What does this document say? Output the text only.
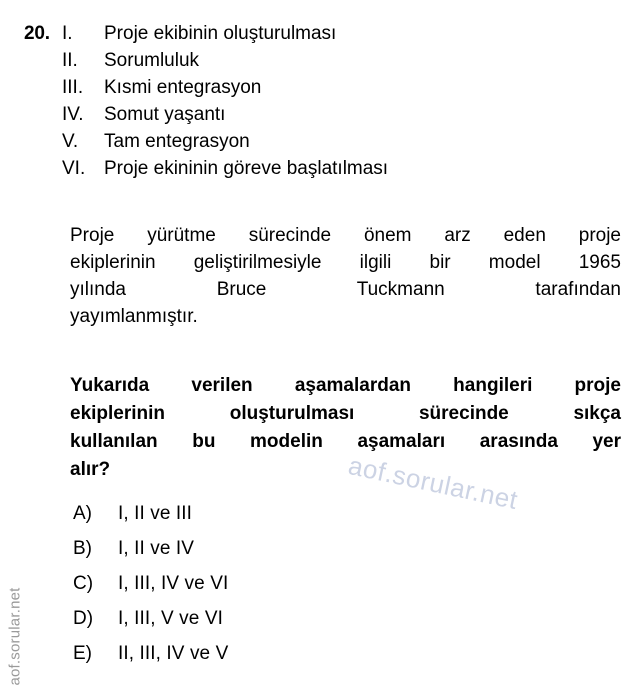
20. I.	Proje ekibinin oluşturulması
II.	Sorumluluk
III.	Kısmi entegrasyon
IV.	Somut yaşantı
V.	Tam entegrasyon
VI. Proje ekininin göreve başlatılması
Proje yürütme sürecinde önem arz eden proje
ekiplerinin geliştirilmesiyle ilgili bir model 1965
yılında Bruce Tuckmann tarafından
yayımlanmıştır.
Yukarıda verilen aşamalardan hangileri proje
ekiplerinin oluşturulması sürecinde sıkça
kullanılan bu modelin aşamaları arasında yer
alır?
A)	I, II ve III
B)	I, II ve IV
C)	I, III, IV ve VI
D)	I, III, V ve VI
E)	II, III, IV ve V
aof.sorular.net
aof.sorular.net
